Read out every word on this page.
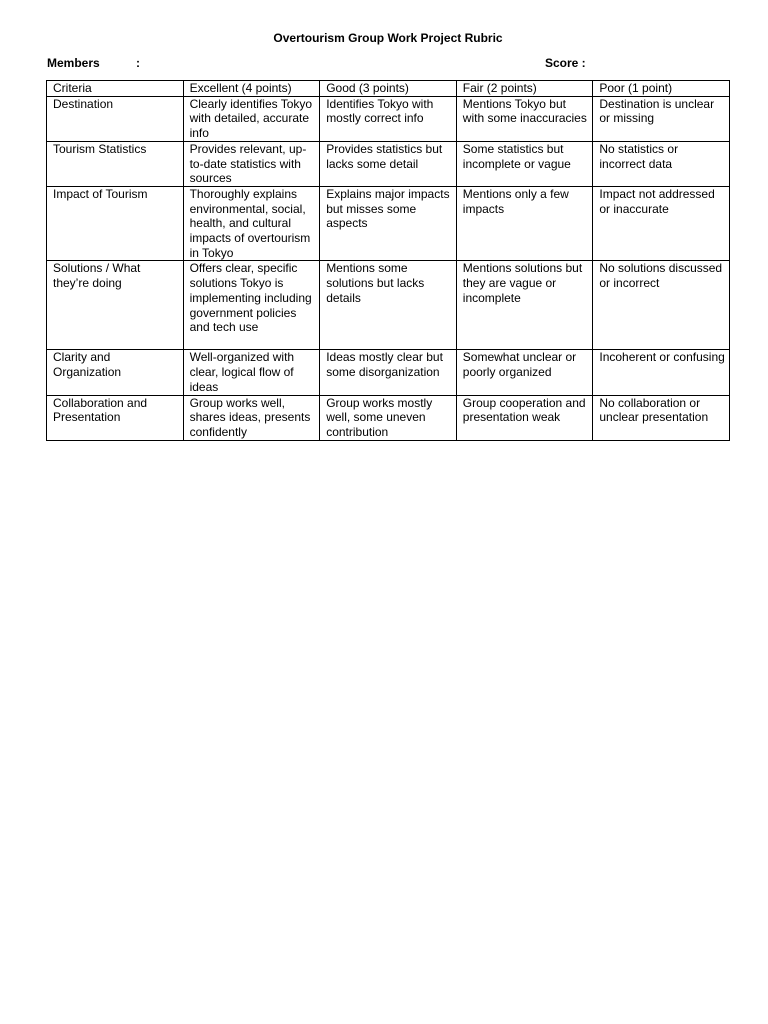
Overtourism Group Work Project Rubric
Members	:	Score :
Criteria	Excellent (4 points)	Good (3 points)	Fair (2 points)	Poor (1 point)
Destination	Clearly identifies Tokyo with detailed, accurate info	Identifies Tokyo with mostly correct info	Mentions Tokyo but with some inaccuracies	Destination is unclear or missing
Tourism Statistics	Provides relevant, up-to-date statistics with sources	Provides statistics but lacks some detail	Some statistics but incomplete or vague	No statistics or incorrect data
Impact of Tourism	Thoroughly explains environmental, social, health, and cultural impacts of overtourism in Tokyo	Explains major impacts but misses some aspects	Mentions only a few impacts	Impact not addressed or inaccurate
Solutions / What they’re doing	Offers clear, specific solutions Tokyo is implementing including government policies and tech use	Mentions some solutions but lacks details	Mentions solutions but they are vague or incomplete	No solutions discussed or incorrect
Clarity and Organization	Well-organized with clear, logical flow of ideas	Ideas mostly clear but some disorganization	Somewhat unclear or poorly organized	Incoherent or confusing
Collaboration and Presentation	Group works well, shares ideas, presents confidently	Group works mostly well, some uneven contribution	Group cooperation and presentation weak	No collaboration or unclear presentation
